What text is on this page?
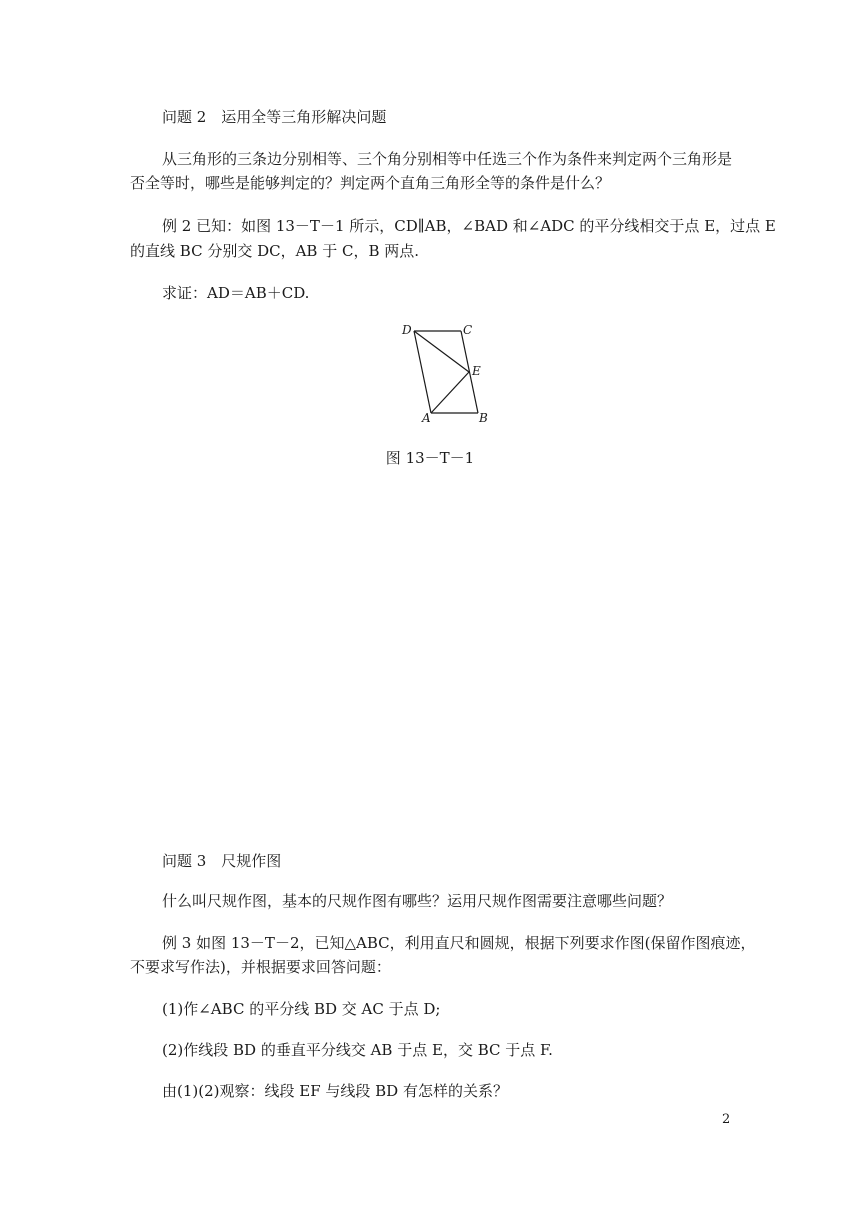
问题 2　运用全等三角形解决问题
从三角形的三条边分别相等、三个角分别相等中任选三个作为条件来判定两个三角形是
否全等时，哪些是能够判定的？判定两个直角三角形全等的条件是什么？
例 2 已知：如图 13－T－1 所示，CD∥AB，∠BAD 和∠ADC 的平分线相交于点 E，过点 E
的直线 BC 分别交 DC，AB 于 C，B 两点.
求证：AD＝AB＋CD.
D	C
E
A	B
图 13－T－1
问题 3　尺规作图
什么叫尺规作图，基本的尺规作图有哪些？运用尺规作图需要注意哪些问题？
例 3 如图 13－T－2，已知△ABC，利用直尺和圆规，根据下列要求作图(保留作图痕迹，
不要求写作法)，并根据要求回答问题：
(1)作∠ABC 的平分线 BD 交 AC 于点 D;
(2)作线段 BD 的垂直平分线交 AB 于点 E，交 BC 于点 F.
由(1)(2)观察：线段 EF 与线段 BD 有怎样的关系？
2
